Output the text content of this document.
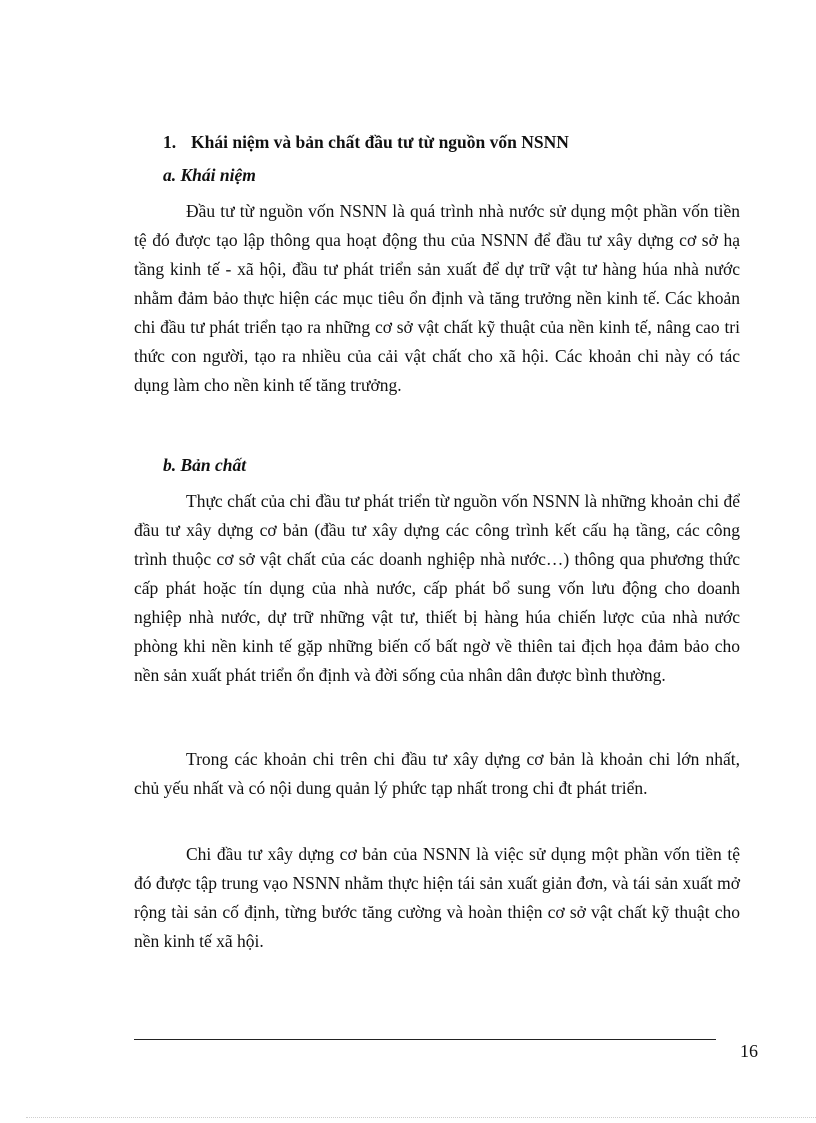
1. Khái niệm và bản chất đầu tư từ nguồn vốn NSNN
a. Khái niệm

Đầu tư từ nguồn vốn NSNN là quá trình nhà nước sử dụng một phần vốn tiền tệ đó được tạo lập thông qua hoạt động thu của NSNN để đầu tư xây dựng cơ sở hạ tầng kinh tế - xã hội, đầu tư phát triển sản xuất để dự trữ vật tư hàng húa nhà nước nhằm đảm bảo thực hiện các mục tiêu ổn định và tăng trưởng nền kinh tế. Các khoản chi đầu tư phát triển tạo ra những cơ sở vật chất kỹ thuật của nền kinh tế, nâng cao tri thức con người, tạo ra nhiều của cải vật chất cho xã hội. Các khoản chi này có tác dụng làm cho nền kinh tế tăng trưởng.

b. Bản chất

Thực chất của chi đầu tư phát triển từ nguồn vốn NSNN là những khoản chi để đầu tư xây dựng cơ bản (đầu tư xây dựng các công trình kết cấu hạ tầng, các công trình thuộc cơ sở vật chất của các doanh nghiệp nhà nước…) thông qua phương thức cấp phát hoặc tín dụng của nhà nước, cấp phát bổ sung vốn lưu động cho doanh nghiệp nhà nước, dự trữ những vật tư, thiết bị hàng húa chiến lược của nhà nước phòng khi nền kinh tế gặp những biến cố bất ngờ về thiên tai địch họa đảm bảo cho nền sản xuất phát triển ổn định và đời sống của nhân dân được bình thường.

Trong các khoản chi trên chi đầu tư xây dựng cơ bản là khoản chi lớn nhất, chủ yếu nhất và có nội dung quản lý phức tạp nhất trong chi đt phát triển.

Chi đầu tư xây dựng cơ bản của NSNN là việc sử dụng một phần vốn tiền tệ đó được tập trung vạo NSNN nhằm thực hiện tái sản xuất giản đơn, và tái sản xuất mở rộng tài sản cố định, từng bước tăng cường và hoàn thiện cơ sở vật chất kỹ thuật cho nền kinh tế xã hội.

16
